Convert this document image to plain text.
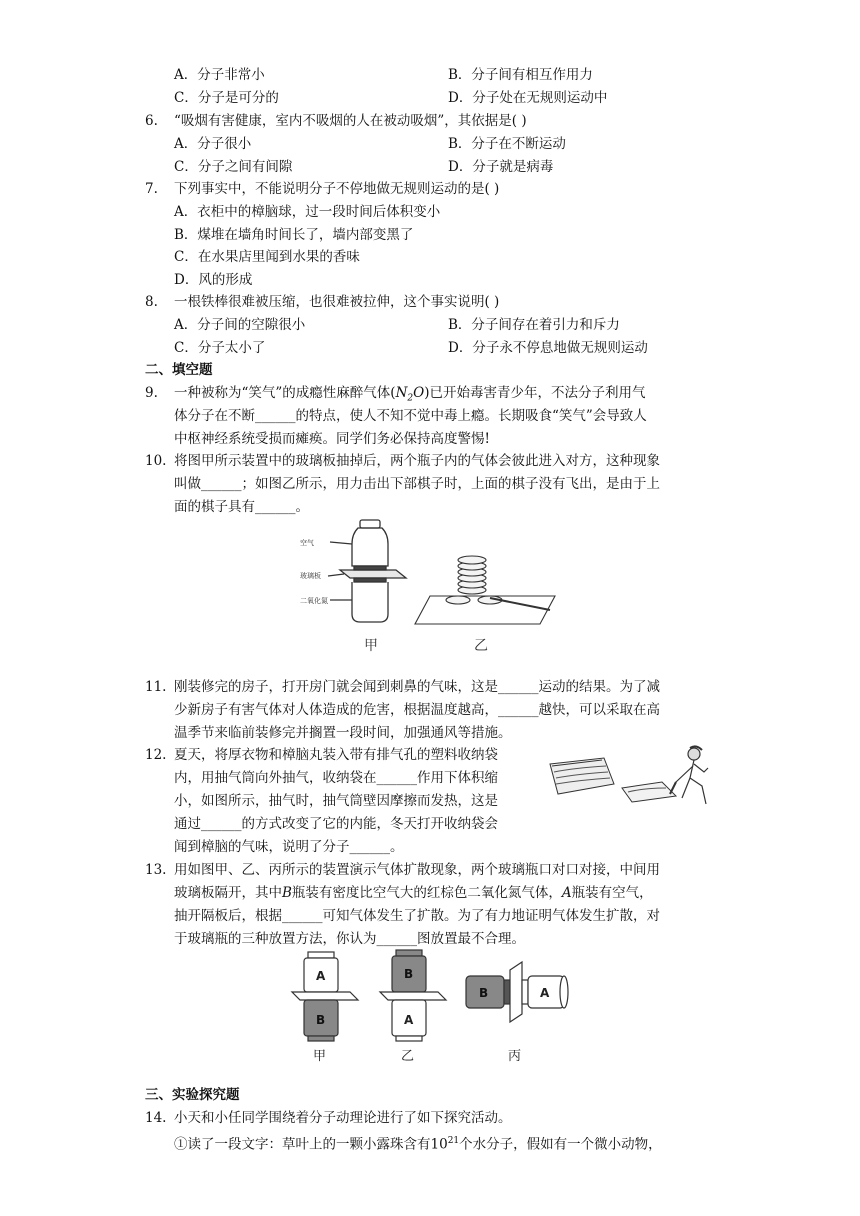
A．分子非常小	B．分子间有相互作用力
C．分子是可分的	D．分子处在无规则运动中
6.	“吸烟有害健康，室内不吸烟的人在被动吸烟”，其依据是( )
A．分子很小	B．分子在不断运动
C．分子之间有间隙	D．分子就是病毒
7.	下列事实中，不能说明分子不停地做无规则运动的是( )
A．衣柜中的樟脑球，过一段时间后体积变小
B．煤堆在墙角时间长了，墙内部变黑了
C．在水果店里闻到水果的香味
D．风的形成
8.	一根铁棒很难被压缩，也很难被拉伸，这个事实说明( )
A．分子间的空隙很小	B．分子间存在着引力和斥力
C．分子太小了	D．分子永不停息地做无规则运动
二、填空题
9.	一种被称为“笑气”的成瘾性麻醉气体$(N_2O)$已开始毒害青少年，不法分子利用气
体分子在不断______的特点，使人不知不觉中毒上瘾。长期吸食“笑气”会导致人
中枢神经系统受损而瘫痪。同学们务必保持高度警惕!
10. 将图甲所示装置中的玻璃板抽掉后，两个瓶子内的气体会彼此进入对方，这种现象
叫做______；如图乙所示，用力击出下部棋子时，上面的棋子没有飞出，是由于上
面的棋子具有______。
空气
玻璃板
二氧化氮
甲	乙
11. 刚装修完的房子，打开房门就会闻到刺鼻的气味，这是______运动的结果。为了减
少新房子有害气体对人体造成的危害，根据温度越高，______越快，可以采取在高
温季节来临前装修完并搁置一段时间，加强通风等措施。
12. 夏天，将厚衣物和樟脑丸装入带有排气孔的塑料收纳袋
内，用抽气筒向外抽气，收纳袋在______作用下体积缩
小，如图所示，抽气时，抽气筒壁因摩擦而发热，这是
通过______的方式改变了它的内能，冬天打开收纳袋会
闻到樟脑的气味，说明了分子______。
13. 用如图甲、乙、丙所示的装置演示气体扩散现象，两个玻璃瓶口对口对接，中间用
玻璃板隔开，其中B瓶装有密度比空气大的红棕色二氧化氮气体，A瓶装有空气，
抽开隔板后，根据______可知气体发生了扩散。为了有力地证明气体发生扩散，对
于玻璃瓶的三种放置方法，你认为______图放置最不合理。
A
B
甲
B
A
乙
B	A
丙
三、实验探究题
14. 小天和小任同学围绕着分子动理论进行了如下探究活动。
①读了一段文字：草叶上的一颗小露珠含有$10^{21}$个水分子，假如有一个微小动物，
